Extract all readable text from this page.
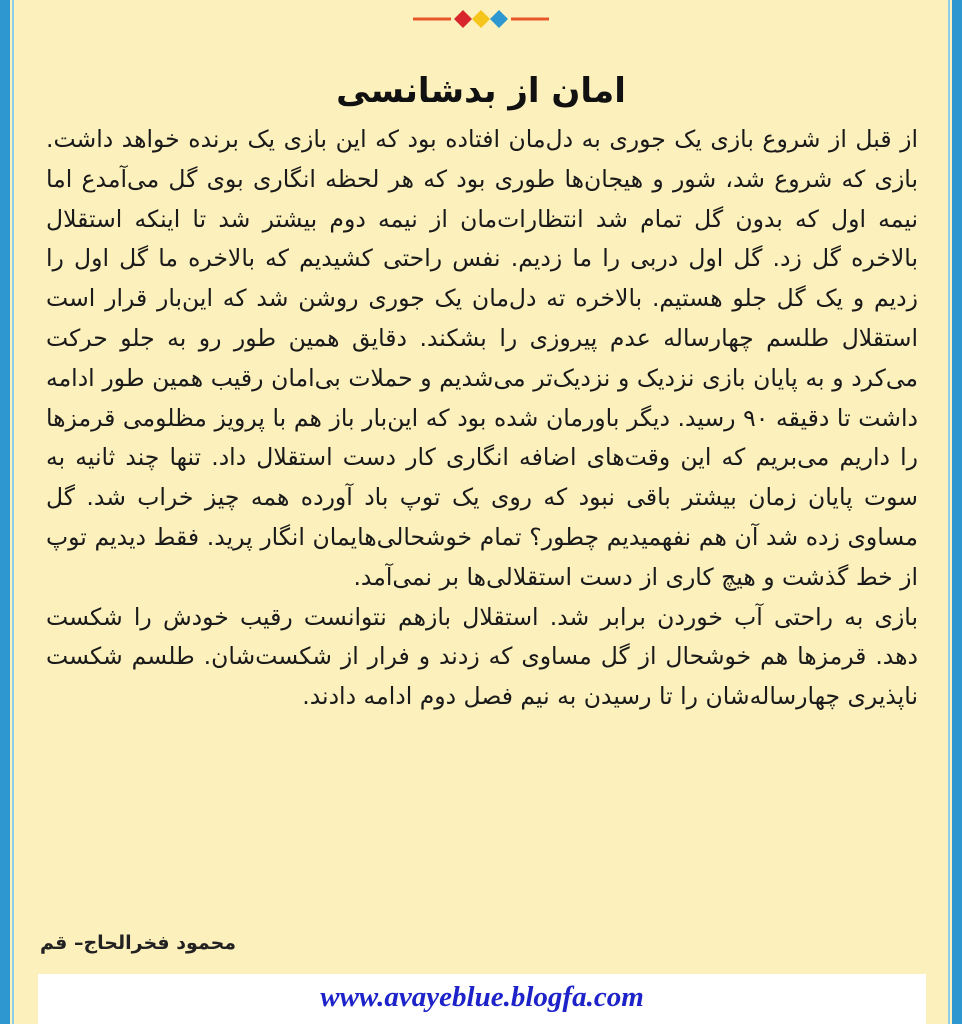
امان از بدشانسی

از قبل از شروع بازی یک جوری به دل‌مان افتاده بود که این بازی یک برنده خواهد داشت. بازی که شروع شد، شور و هیجان‌ها طوری بود که هر لحظه انگاری بوی گل می‌آمدع اما نیمه اول که بدون گل تمام شد انتظارات‌مان از نیمه دوم بیشتر شد تا اینکه استقلال بالاخره گل زد. گل اول دربی را ما زدیم. نفس راحتی کشیدیم که بالاخره ما گل اول را زدیم و یک گل جلو هستیم. بالاخره ته دل‌مان یک جوری روشن شد که این‌بار قرار است استقلال طلسم چهارساله عدم پیروزی را بشکند. دقایق همین طور رو به جلو حرکت می‌کرد و به پایان بازی نزدیک و نزدیک‌تر می‌شدیم و حملات بی‌امان رقیب همین طور ادامه داشت تا دقیقه ۹۰ رسید. دیگر باورمان شده بود که این‌بار باز هم با پرویز مظلومی قرمزها را داریم می‌بریم که این وقت‌های اضافه انگاری کار دست استقلال داد. تنها چند ثانیه به سوت پایان زمان بیشتر باقی نبود که روی یک توپ باد آورده همه چیز خراب شد. گل مساوی زده شد آن هم نفهمیدیم چطور؟ تمام خوشحالی‌هایمان انگار پرید. فقط دیدیم توپ از خط گذشت و هیچ کاری از دست استقلالی‌ها بر نمی‌آمد.

بازی به راحتی آب خوردن برابر شد. استقلال بازهم نتوانست رقیب خودش را شکست دهد. قرمزها هم خوشحال از گل مساوی که زدند و فرار از شکست‌شان. طلسم شکست ناپذیری چهارساله‌شان را تا رسیدن به نیم فصل دوم ادامه دادند.

محمود فخرالحاج– قم
www.avayeblue.blogfa.com
